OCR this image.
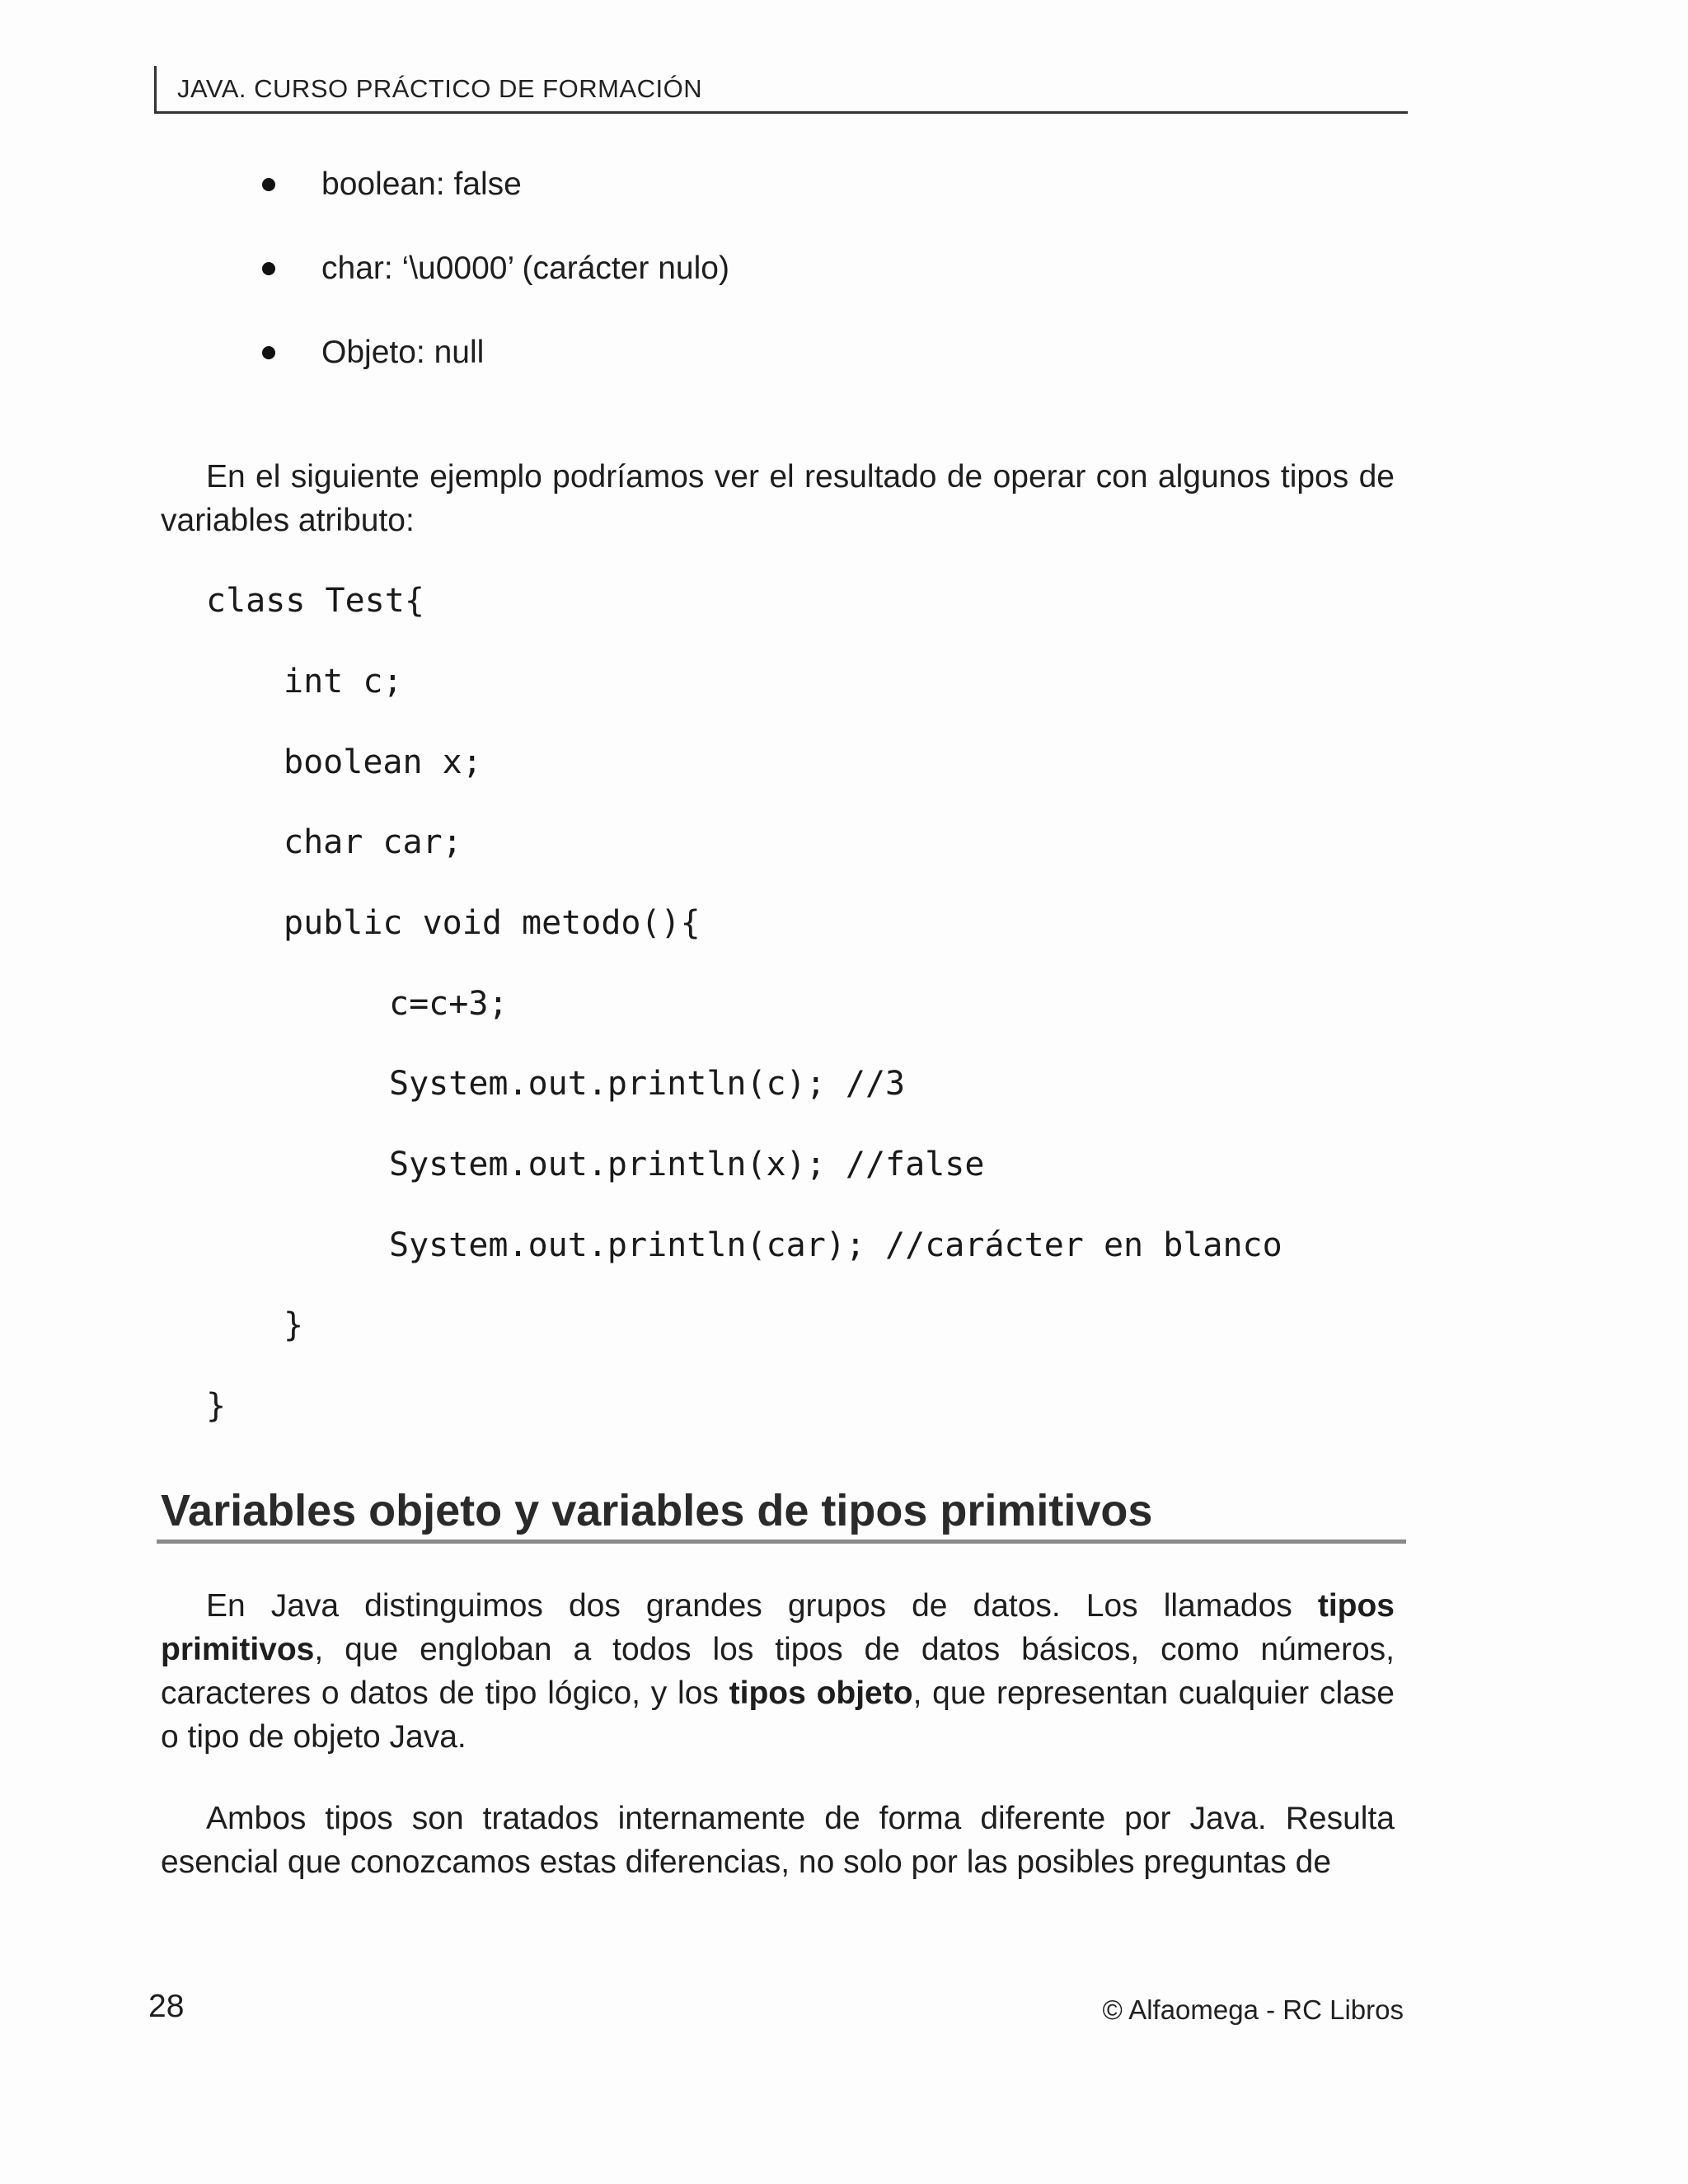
JAVA. CURSO PRÁCTICO DE FORMACIÓN
boolean: false
char: ‘\u0000’ (carácter nulo)
Objeto: null

En el siguiente ejemplo podríamos ver el resultado de operar con algunos tipos de variables atributo:

class Test{

int c;

boolean x;

char car;

public void metodo(){

c=c+3;

System.out.println(c); //3

System.out.println(x); //false

System.out.println(car); //carácter en blanco

}

}

Variables objeto y variables de tipos primitivos

En Java distinguimos dos grandes grupos de datos. Los llamados tipos primitivos, que engloban a todos los tipos de datos básicos, como números, caracteres o datos de tipo lógico, y los tipos objeto, que representan cualquier clase o tipo de objeto Java.

Ambos tipos son tratados internamente de forma diferente por Java. Resulta esencial que conozcamos estas diferencias, no solo por las posibles preguntas de

28	© Alfaomega - RC Libros
